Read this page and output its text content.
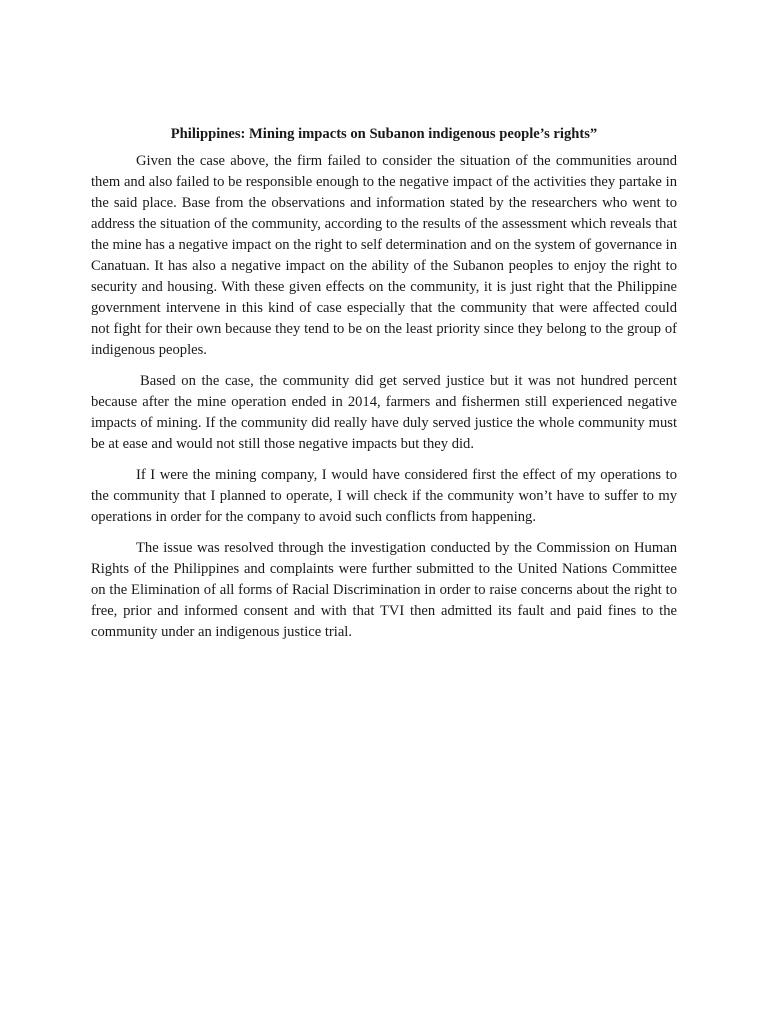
Philippines: Mining impacts on Subanon indigenous people’s rights”

Given the case above, the firm failed to consider the situation of the communities around them and also failed to be responsible enough to the negative impact of the activities they partake in the said place. Base from the observations and information stated by the researchers who went to address the situation of the community, according to the results of the assessment which reveals that the mine has a negative impact on the right to self determination and on the system of governance in Canatuan. It has also a negative impact on the ability of the Subanon peoples to enjoy the right to security and housing. With these given effects on the community, it is just right that the Philippine government intervene in this kind of case especially that the community that were affected could not fight for their own because they tend to be on the least priority since they belong to the group of indigenous peoples.

Based on the case, the community did get served justice but it was not hundred percent because after the mine operation ended in 2014, farmers and fishermen still experienced negative impacts of mining. If the community did really have duly served justice the whole community must be at ease and would not still those negative impacts but they did.

If I were the mining company, I would have considered first the effect of my operations to the community that I planned to operate, I will check if the community won’t have to suffer to my operations in order for the company to avoid such conflicts from happening.

The issue was resolved through the investigation conducted by the Commission on Human Rights of the Philippines and complaints were further submitted to the United Nations Committee on the Elimination of all forms of Racial Discrimination in order to raise concerns about the right to free, prior and informed consent and with that TVI then admitted its fault and paid fines to the community under an indigenous justice trial.
